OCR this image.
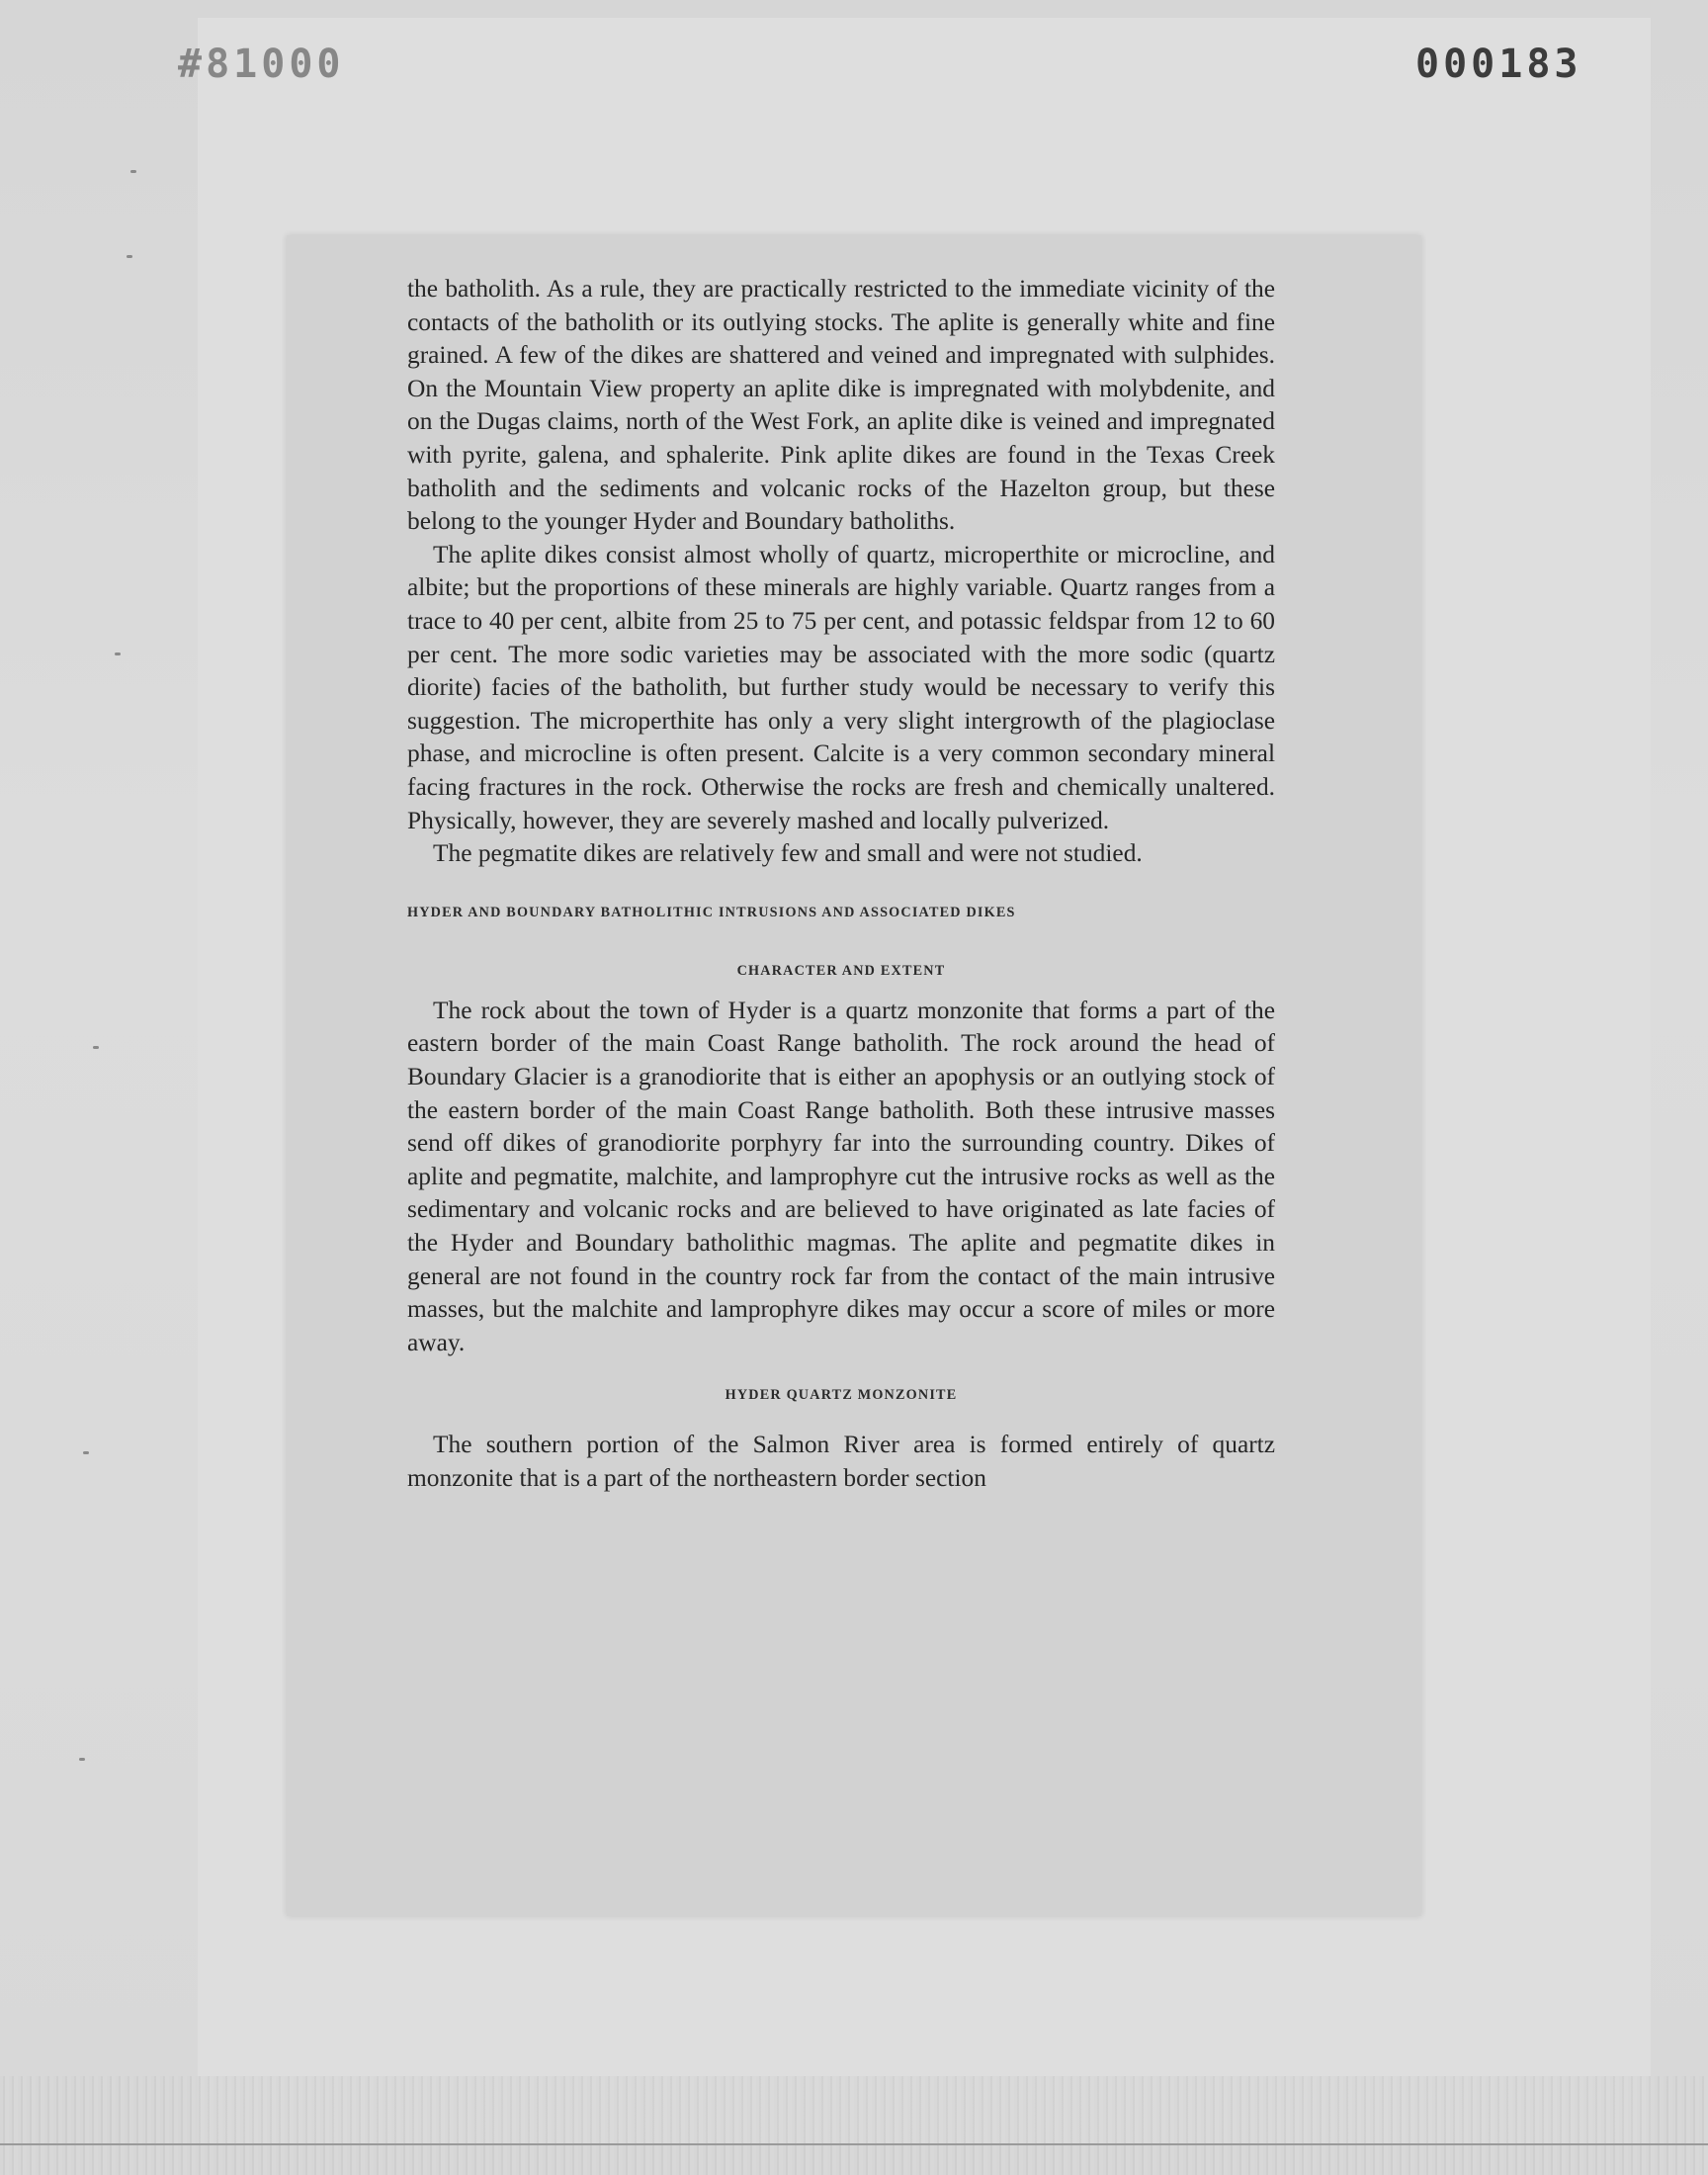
#81000	000183

the batholith. As a rule, they are practically restricted to the immediate vicinity of the contacts of the batholith or its outlying stocks. The aplite is generally white and fine grained. A few of the dikes are shattered and veined and impregnated with sulphides. On the Mountain View property an aplite dike is impregnated with molybdenite, and on the Dugas claims, north of the West Fork, an aplite dike is veined and impregnated with pyrite, galena, and sphalerite. Pink aplite dikes are found in the Texas Creek batholith and the sediments and volcanic rocks of the Hazelton group, but these belong to the younger Hyder and Boundary batholiths.

The aplite dikes consist almost wholly of quartz, microperthite or microcline, and albite; but the proportions of these minerals are highly variable. Quartz ranges from a trace to 40 per cent, albite from 25 to 75 per cent, and potassic feldspar from 12 to 60 per cent. The more sodic varieties may be associated with the more sodic (quartz diorite) facies of the batholith, but further study would be necessary to verify this suggestion. The microperthite has only a very slight intergrowth of the plagioclase phase, and microcline is often present. Calcite is a very common secondary mineral facing fractures in the rock. Otherwise the rocks are fresh and chemically unaltered. Physically, however, they are severely mashed and locally pulverized.

The pegmatite dikes are relatively few and small and were not studied.

HYDER AND BOUNDARY BATHOLITHIC INTRUSIONS AND ASSOCIATED DIKES
CHARACTER AND EXTENT

The rock about the town of Hyder is a quartz monzonite that forms a part of the eastern border of the main Coast Range batholith. The rock around the head of Boundary Glacier is a granodiorite that is either an apophysis or an outlying stock of the eastern border of the main Coast Range batholith. Both these intrusive masses send off dikes of granodiorite porphyry far into the surrounding country. Dikes of aplite and pegmatite, malchite, and lamprophyre cut the intrusive rocks as well as the sedimentary and volcanic rocks and are believed to have originated as late facies of the Hyder and Boundary batholithic magmas. The aplite and pegmatite dikes in general are not found in the country rock far from the contact of the main intrusive masses, but the malchite and lamprophyre dikes may occur a score of miles or more away.

HYDER QUARTZ MONZONITE

The southern portion of the Salmon River area is formed entirely of quartz monzonite that is a part of the northeastern border section
